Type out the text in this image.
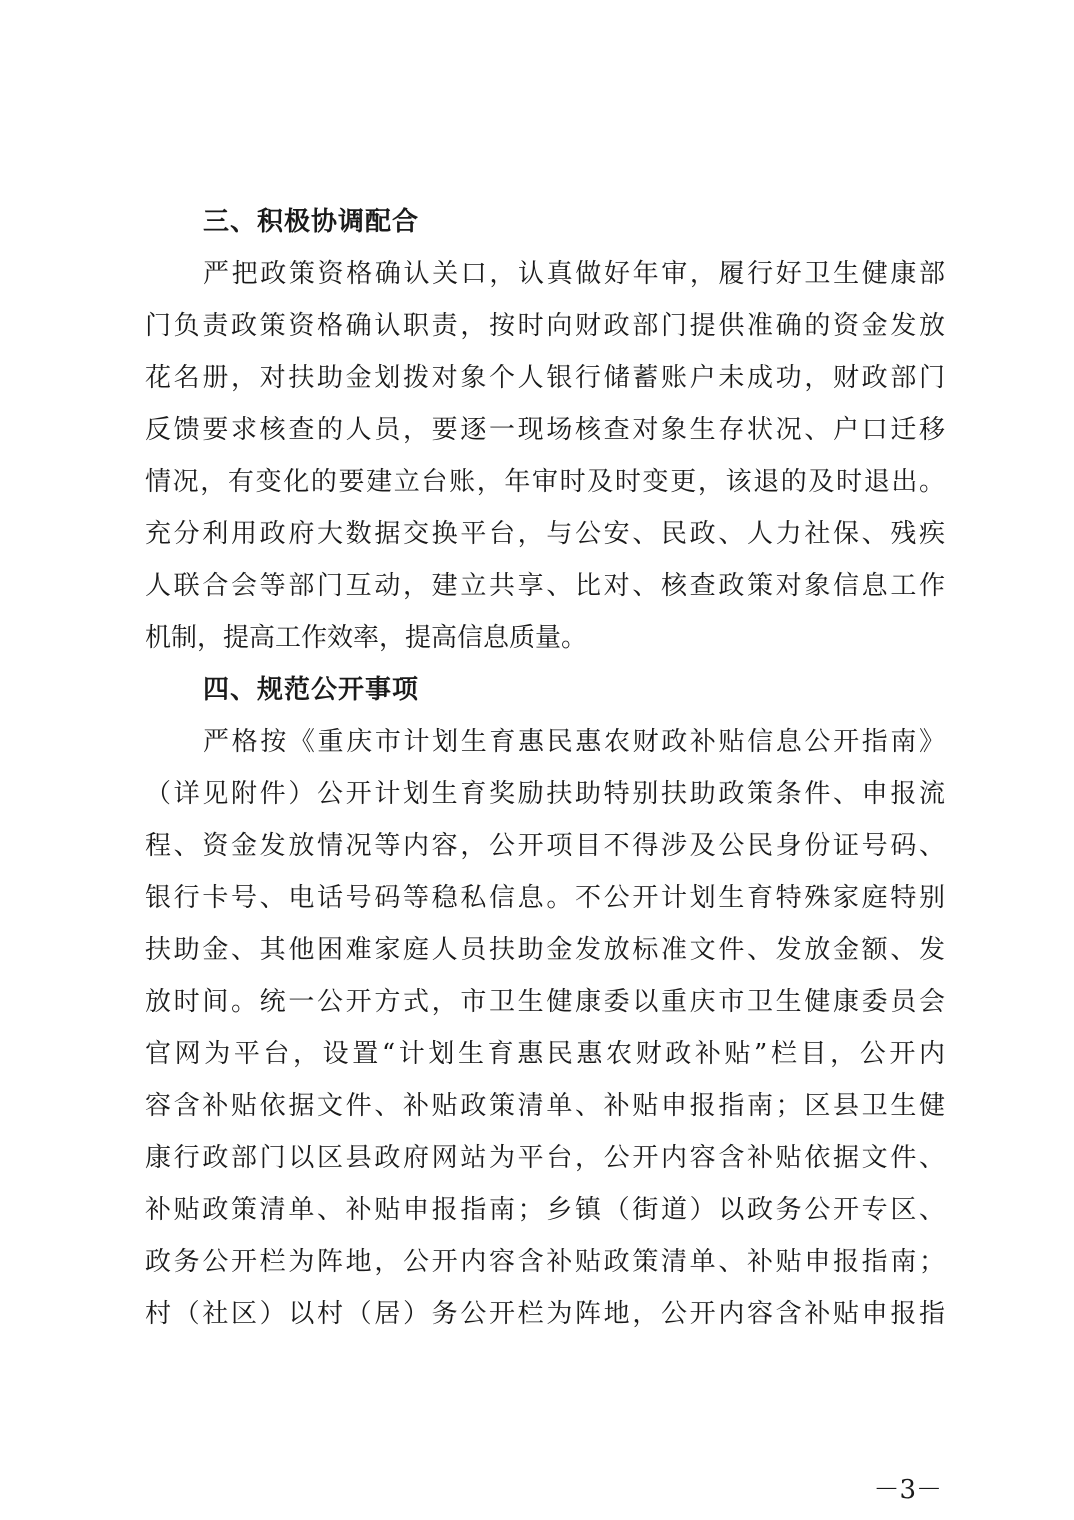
三、积极协调配合

严把政策资格确认关口，认真做好年审，履行好卫生健康部

门负责政策资格确认职责，按时向财政部门提供准确的资金发放

花名册，对扶助金划拨对象个人银行储蓄账户未成功，财政部门

反馈要求核查的人员，要逐一现场核查对象生存状况、户口迁移

情况，有变化的要建立台账，年审时及时变更，该退的及时退出。

充分利用政府大数据交换平台，与公安、民政、人力社保、残疾

人联合会等部门互动，建立共享、比对、核查政策对象信息工作

机制，提高工作效率，提高信息质量。

四、规范公开事项

严格按《重庆市计划生育惠民惠农财政补贴信息公开指南》

（详见附件）公开计划生育奖励扶助特别扶助政策条件、申报流

程、资金发放情况等内容，公开项目不得涉及公民身份证号码、

银行卡号、电话号码等稳私信息。不公开计划生育特殊家庭特别

扶助金、其他困难家庭人员扶助金发放标准文件、发放金额、发

放时间。统一公开方式，市卫生健康委以重庆市卫生健康委员会

官网为平台，设置“计划生育惠民惠农财政补贴”栏目，公开内

容含补贴依据文件、补贴政策清单、补贴申报指南；区县卫生健

康行政部门以区县政府网站为平台，公开内容含补贴依据文件、

补贴政策清单、补贴申报指南；乡镇（街道）以政务公开专区、

政务公开栏为阵地，公开内容含补贴政策清单、补贴申报指南；

村（社区）以村（居）务公开栏为阵地，公开内容含补贴申报指

－3－
